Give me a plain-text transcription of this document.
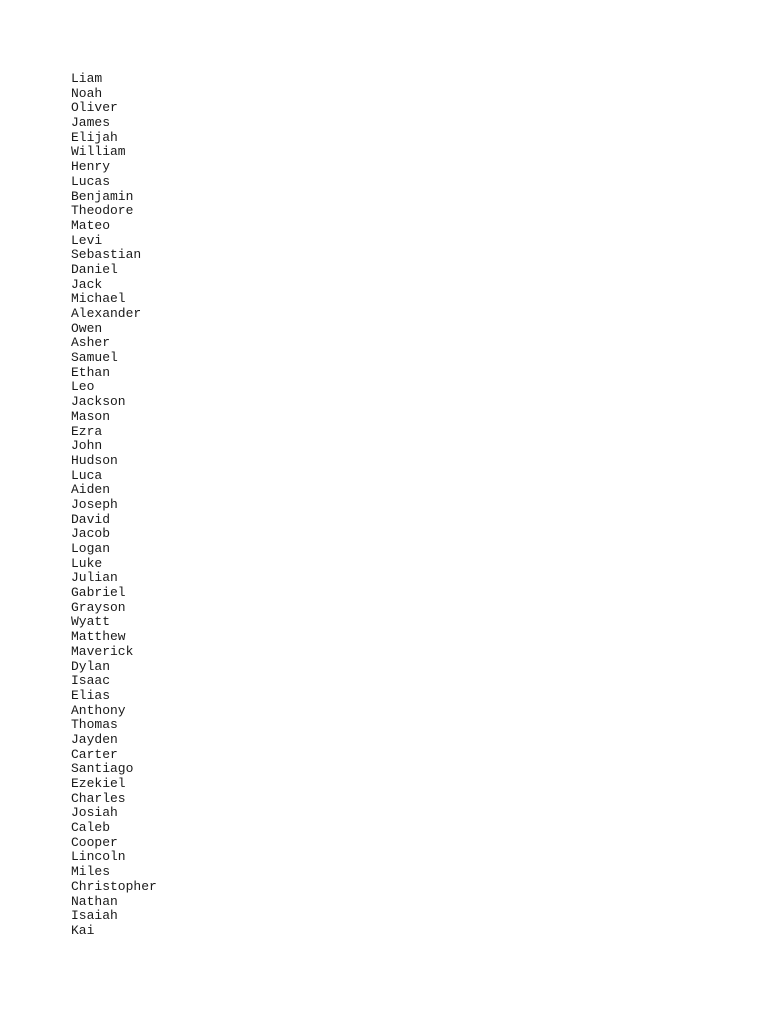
Liam
Noah
Oliver
James
Elijah
William
Henry
Lucas
Benjamin
Theodore
Mateo
Levi
Sebastian
Daniel
Jack
Michael
Alexander
Owen
Asher
Samuel
Ethan
Leo
Jackson
Mason
Ezra
John
Hudson
Luca
Aiden
Joseph
David
Jacob
Logan
Luke
Julian
Gabriel
Grayson
Wyatt
Matthew
Maverick
Dylan
Isaac
Elias
Anthony
Thomas
Jayden
Carter
Santiago
Ezekiel
Charles
Josiah
Caleb
Cooper
Lincoln
Miles
Christopher
Nathan
Isaiah
Kai
